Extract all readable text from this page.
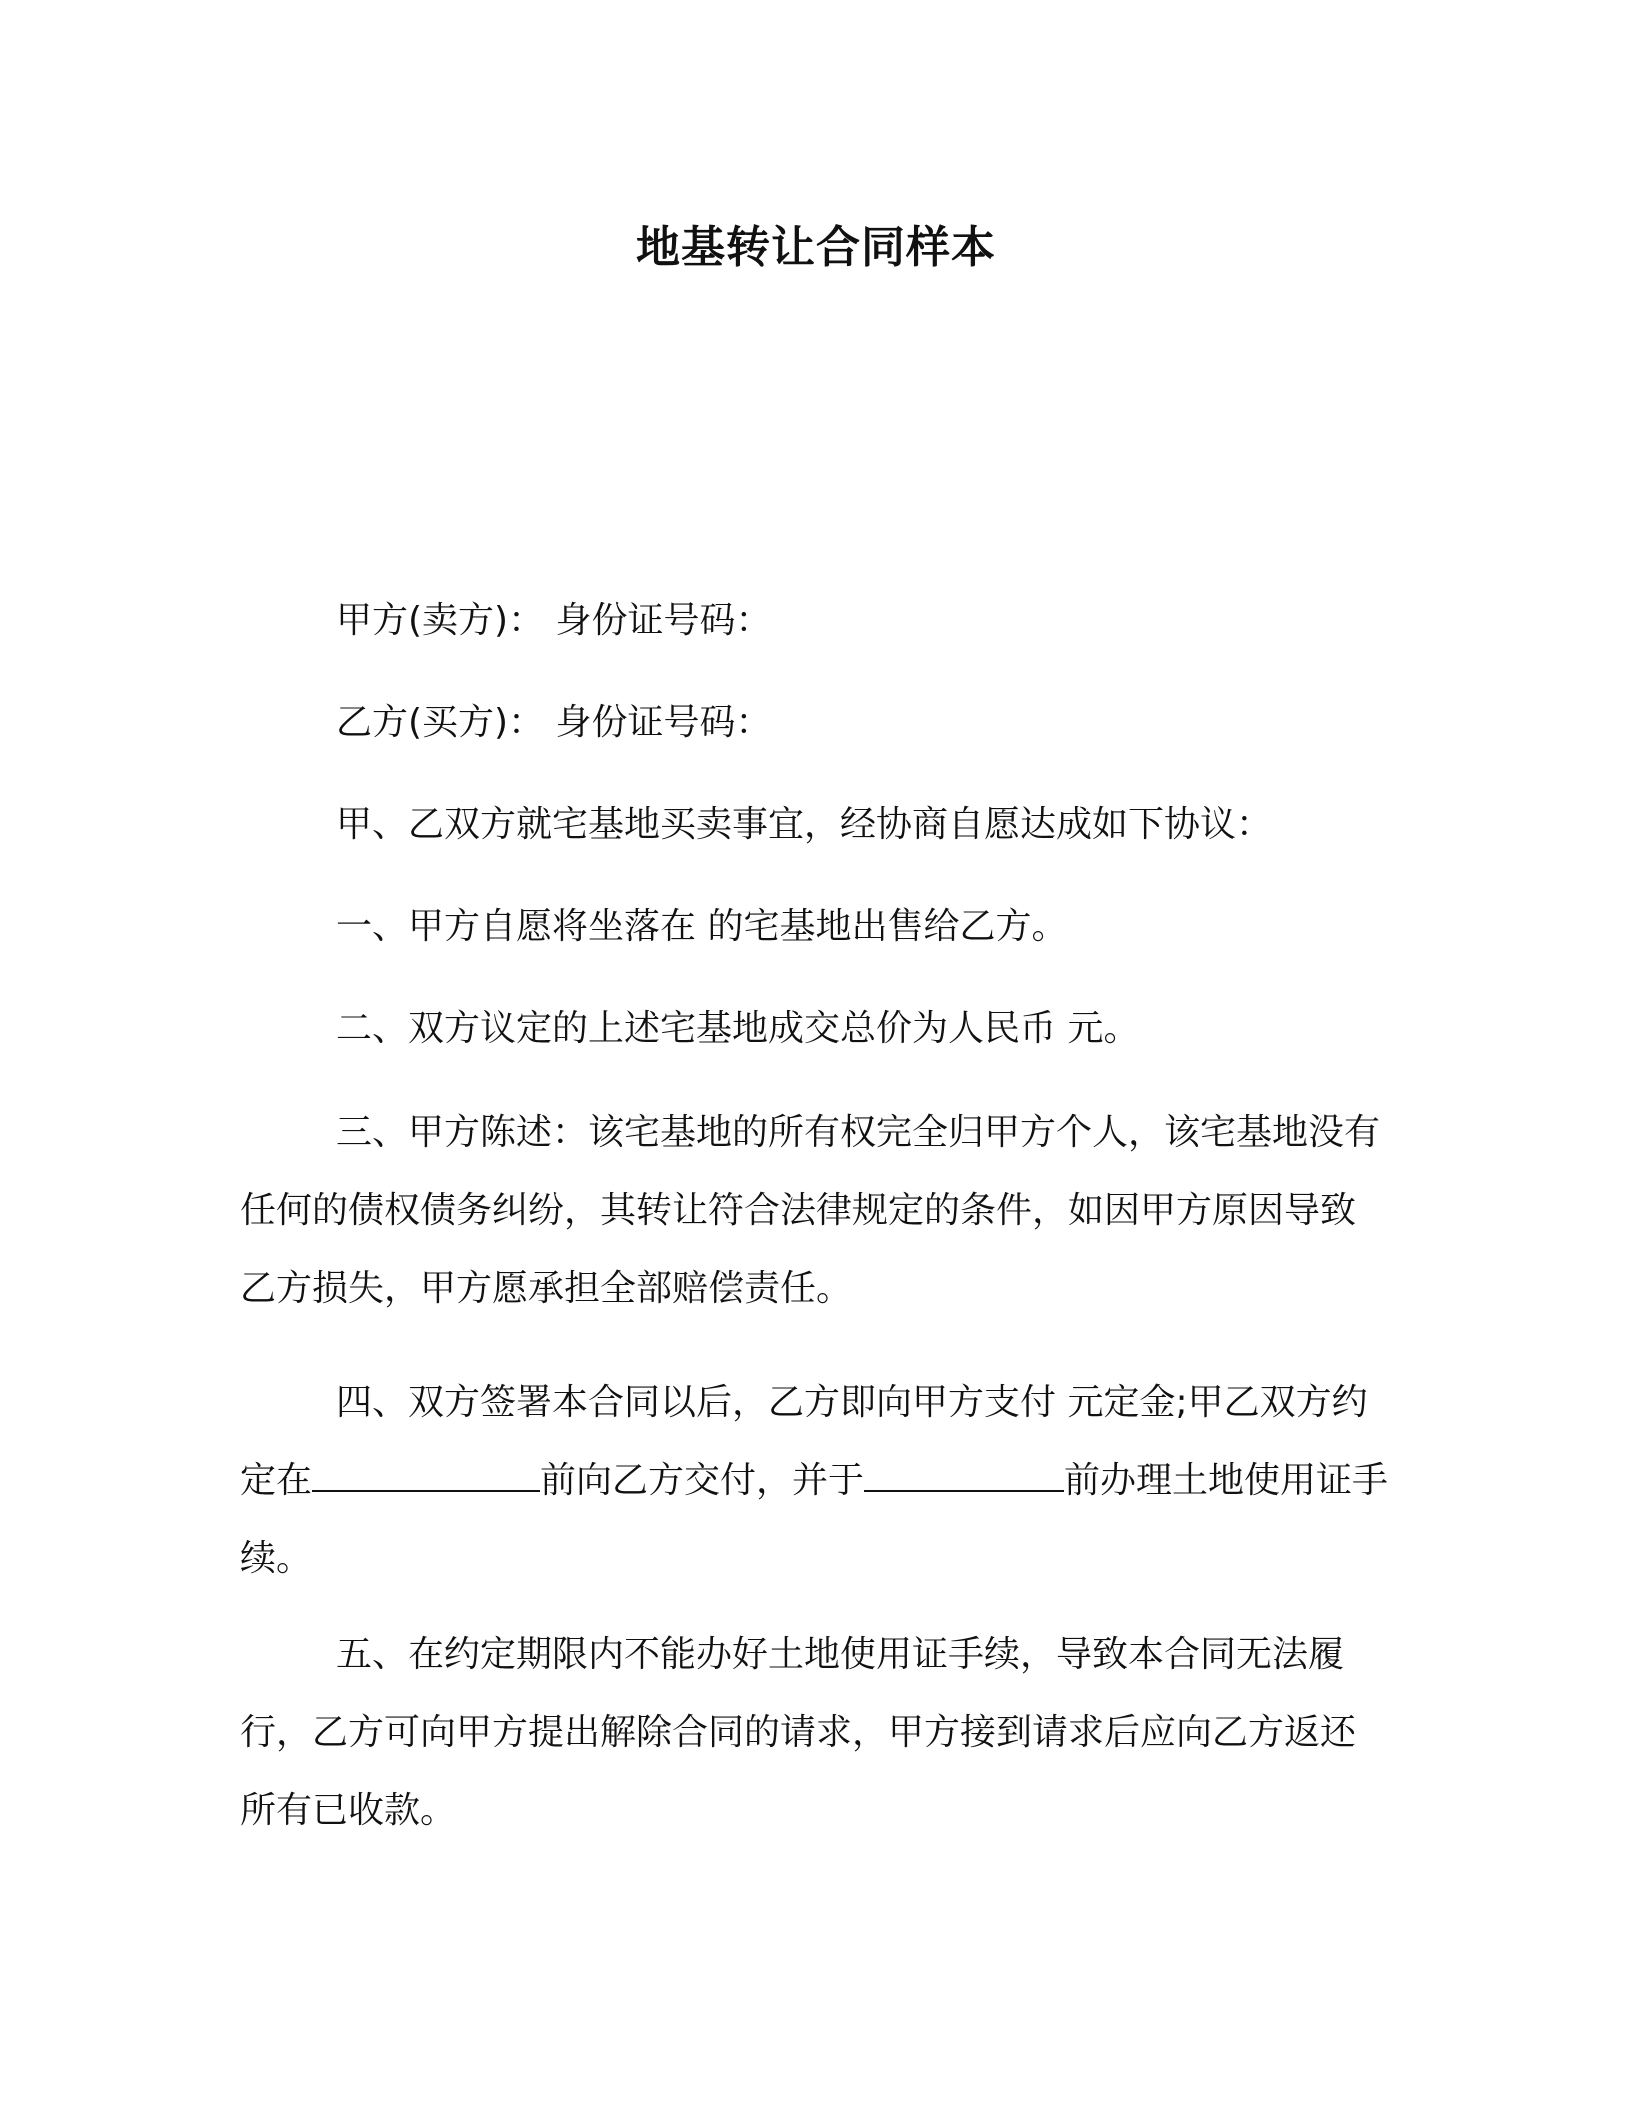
地基转让合同样本

甲方(卖方)： 身份证号码：

乙方(买方)： 身份证号码：

甲、乙双方就宅基地买卖事宜，经协商自愿达成如下协议：

一、甲方自愿将坐落在 的宅基地出售给乙方。

二、双方议定的上述宅基地成交总价为人民币 元。

三、甲方陈述：该宅基地的所有权完全归甲方个人，该宅基地没有任何的债权债务纠纷，其转让符合法律规定的条件，如因甲方原因导致乙方损失，甲方愿承担全部赔偿责任。

四、双方签署本合同以后，乙方即向甲方支付 元定金;甲乙双方约定在	前向乙方交付，并于	前办理土地使用证手续。

五、在约定期限内不能办好土地使用证手续，导致本合同无法履行，乙方可向甲方提出解除合同的请求，甲方接到请求后应向乙方返还所有已收款。
